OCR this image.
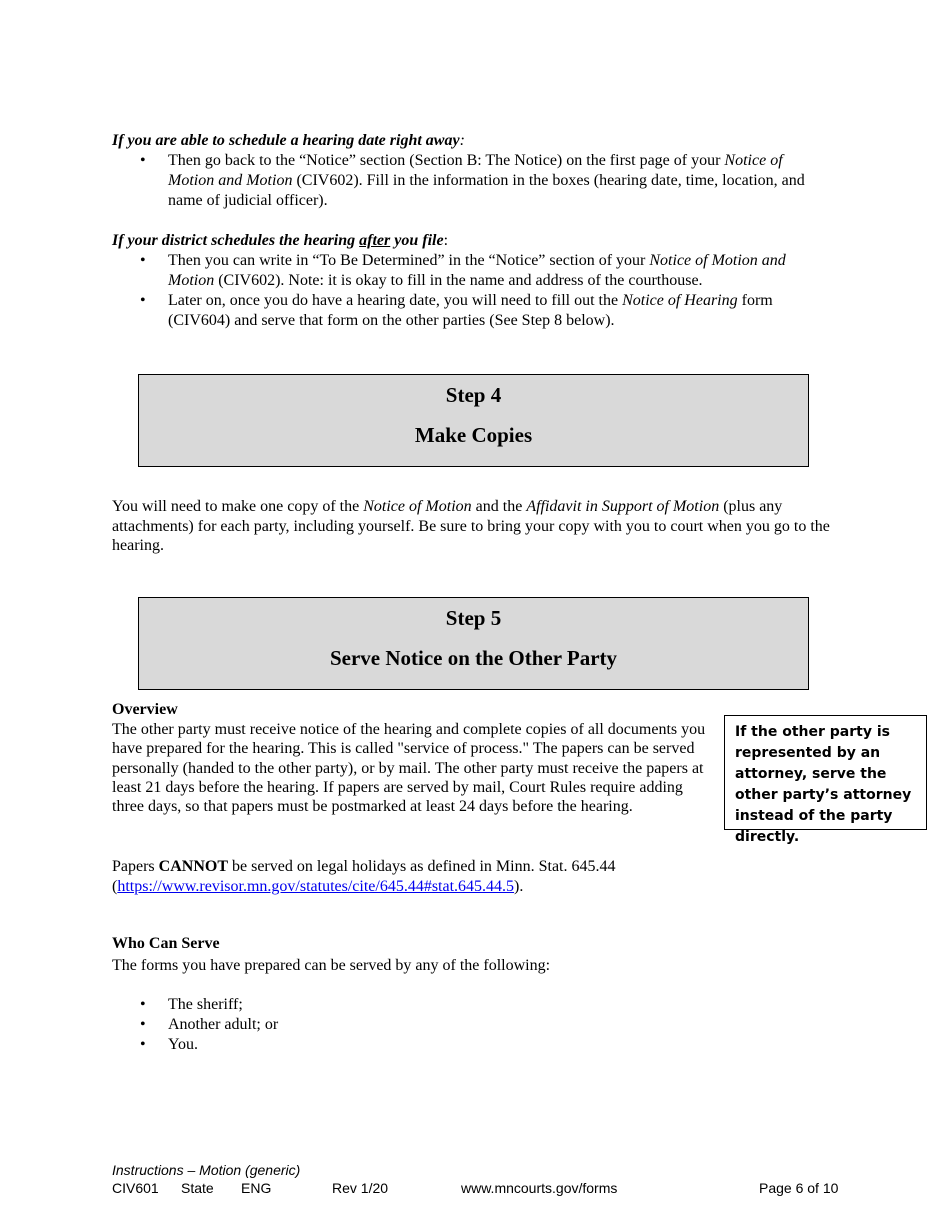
If you are able to schedule a hearing date right away:
• Then go back to the “Notice” section (Section B: The Notice) on the first page of your Notice of Motion and Motion (CIV602). Fill in the information in the boxes (hearing date, time, location, and name of judicial officer).
If your district schedules the hearing after you file:
• Then you can write in “To Be Determined” in the “Notice” section of your Notice of Motion and Motion (CIV602). Note: it is okay to fill in the name and address of the courthouse.
• Later on, once you do have a hearing date, you will need to fill out the Notice of Hearing form (CIV604) and serve that form on the other parties (See Step 8 below).
Step 4
Make Copies
You will need to make one copy of the Notice of Motion and the Affidavit in Support of Motion (plus any attachments) for each party, including yourself. Be sure to bring your copy with you to court when you go to the hearing.
Step 5
Serve Notice on the Other Party
Overview
The other party must receive notice of the hearing and complete copies of all documents you have prepared for the hearing. This is called "service of process." The papers can be served personally (handed to the other party), or by mail. The other party must receive the papers at least 21 days before the hearing. If papers are served by mail, Court Rules require adding three days, so that papers must be postmarked at least 24 days before the hearing.
If the other party is represented by an attorney, serve the other party’s attorney instead of the party directly.
Papers CANNOT be served on legal holidays as defined in Minn. Stat. 645.44
(https://www.revisor.mn.gov/statutes/cite/645.44#stat.645.44.5).
Who Can Serve
The forms you have prepared can be served by any of the following:
• The sheriff;
• Another adult; or
• You.
Instructions – Motion (generic)
CIV601 State ENG	Rev 1/20	www.mncourts.gov/forms	Page 6 of 10
